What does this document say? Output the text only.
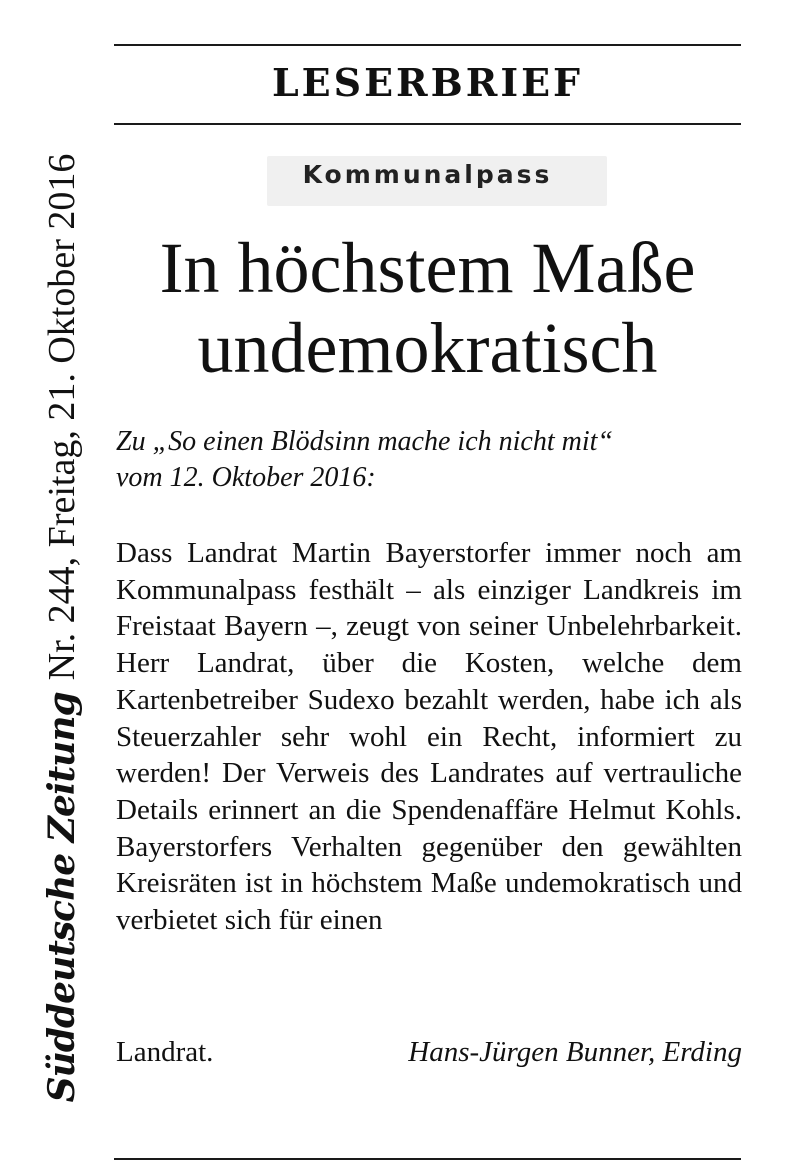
LESERBRIEF
Kommunalpass
In höchstem Maße
undemokratisch
Zu „So einen Blödsinn mache ich nicht mit“
vom 12. Oktober 2016:

Dass Landrat Martin Bayerstorfer immer noch am Kommunalpass festhält – als einziger Landkreis im Freistaat Bayern –, zeugt von seiner Unbelehrbarkeit. Herr Landrat, über die Kosten, welche dem Kartenbetreiber Sudexo bezahlt werden, habe ich als Steuerzahler sehr wohl ein Recht, informiert zu werden! Der Verweis des Landrates auf vertrauliche Details erinnert an die Spendenaffäre Helmut Kohls. Bayerstorfers Verhalten gegenüber den gewählten Kreisräten ist in höchstem Maße undemokratisch und verbietet sich für einen

Landrat.	Hans-Jürgen Bunner, Erding
Süddeutsche Zeitung
Nr. 244, Freitag, 21. Oktober 2016
